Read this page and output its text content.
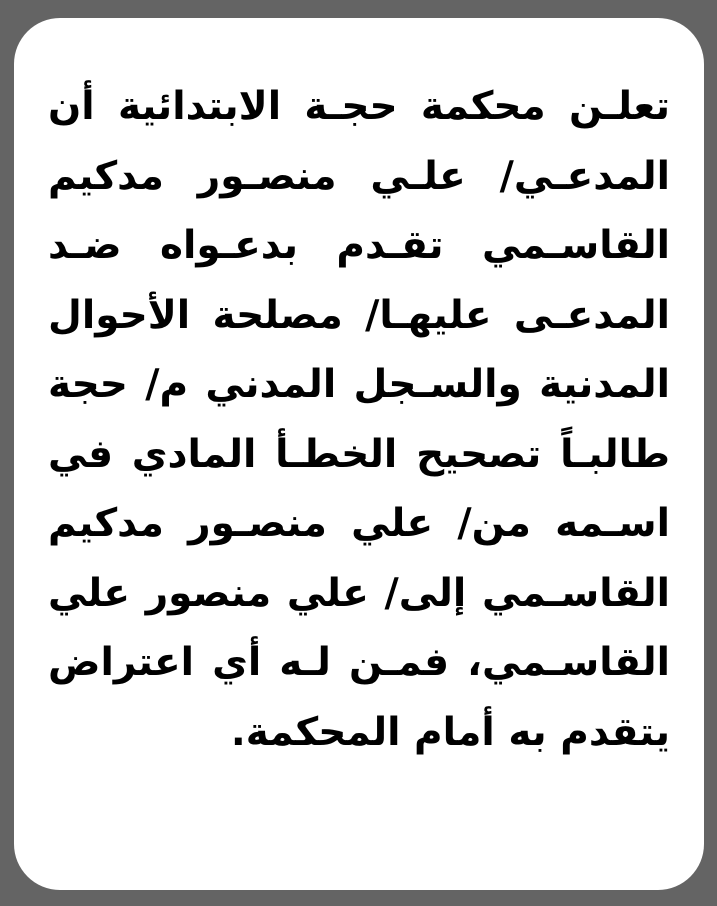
تعلـن محكمة حجـة الابتدائية أن
المدعـي/ علـي منصـور مدكيم
القاسـمي تقـدم بدعـواه ضـد
المدعـى عليهـا/ مصلحة الأحوال
المدنية والسـجل المدني م/ حجة
طالبـاً تصحيح الخطـأ المادي في
اسـمه من/ علي منصـور مدكيم
القاسـمي إلى/ علي منصور علي
القاسـمي، فمـن لـه أي اعتراض
يتقدم به أمام المحكمة.
